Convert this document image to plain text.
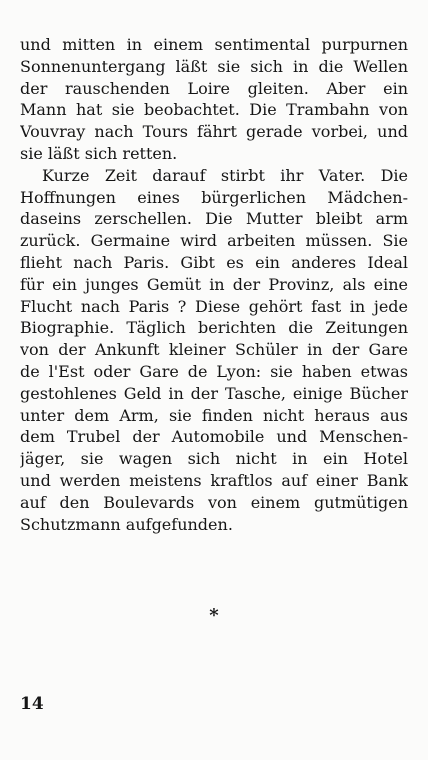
und mitten in einem sentimental purpurnen
Sonnenuntergang läßt sie sich in die Wellen
der rauschenden Loire gleiten. Aber ein
Mann hat sie beobachtet. Die Trambahn von
Vouvray nach Tours fährt gerade vorbei, und
sie läßt sich retten.
Kurze Zeit darauf stirbt ihr Vater. Die
Hoffnungen eines bürgerlichen Mädchen-
daseins zerschellen. Die Mutter bleibt arm
zurück. Germaine wird arbeiten müssen. Sie
flieht nach Paris. Gibt es ein anderes Ideal
für ein junges Gemüt in der Provinz, als eine
Flucht nach Paris ? Diese gehört fast in jede
Biographie. Täglich berichten die Zeitungen
von der Ankunft kleiner Schüler in der Gare
de l'Est oder Gare de Lyon: sie haben etwas
gestohlenes Geld in der Tasche, einige Bücher
unter dem Arm, sie finden nicht heraus aus
dem Trubel der Automobile und Menschen-
jäger, sie wagen sich nicht in ein Hotel
und werden meistens kraftlos auf einer Bank
auf den Boulevards von einem gutmütigen
Schutzmann aufgefunden.
*
14
